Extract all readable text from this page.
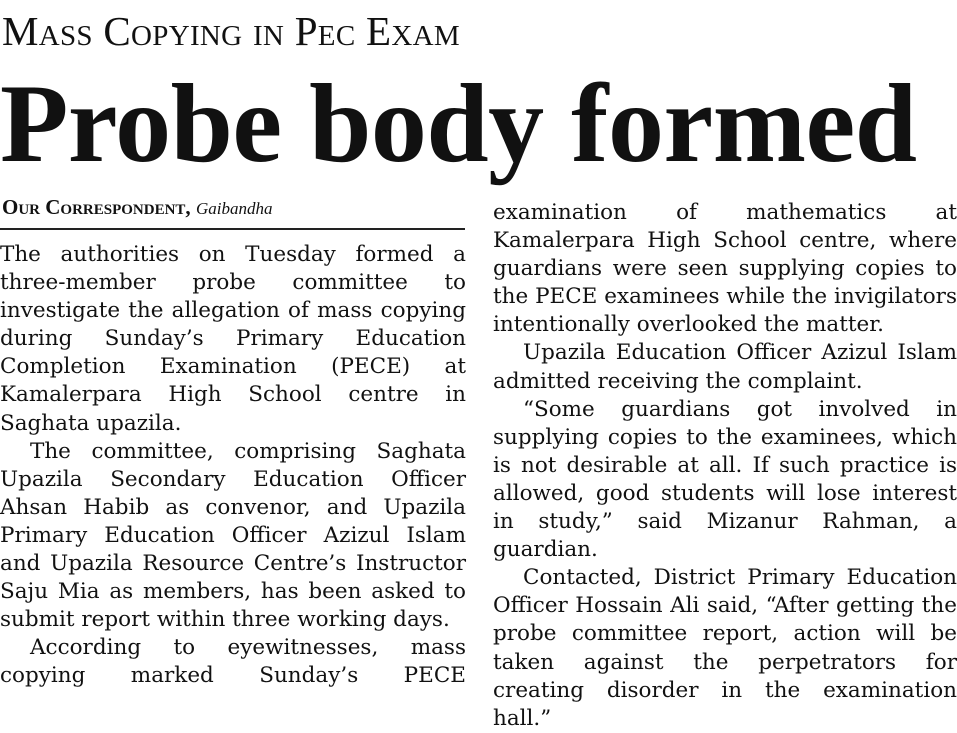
Mass Copying in Pec Exam
Probe body formed
Our Correspondent, Gaibandha

The authorities on Tuesday formed a three-member probe committee to investigate the allegation of mass copying during Sunday’s Primary Education Completion Examination (PECE) at Kamalerpara High School centre in Saghata upazila.

The committee, comprising Saghata Upazila Secondary Education Officer Ahsan Habib as convenor, and Upazila Primary Education Officer Azizul Islam and Upazila Resource Centre’s Instructor Saju Mia as members, has been asked to submit report within three working days.

According to eyewitnesses, mass copying marked Sunday’s PECE

examination of mathematics at Kamalerpara High School centre, where guardians were seen supplying copies to the PECE examinees while the invigilators intentionally overlooked the matter.

Upazila Education Officer Azizul Islam admitted receiving the complaint.

“Some guardians got involved in supplying copies to the examinees, which is not desirable at all. If such practice is allowed, good students will lose interest in study,” said Mizanur Rahman, a guardian.

Contacted, District Primary Education Officer Hossain Ali said, “After getting the probe committee report, action will be taken against the perpetrators for creating disorder in the examination hall.”
